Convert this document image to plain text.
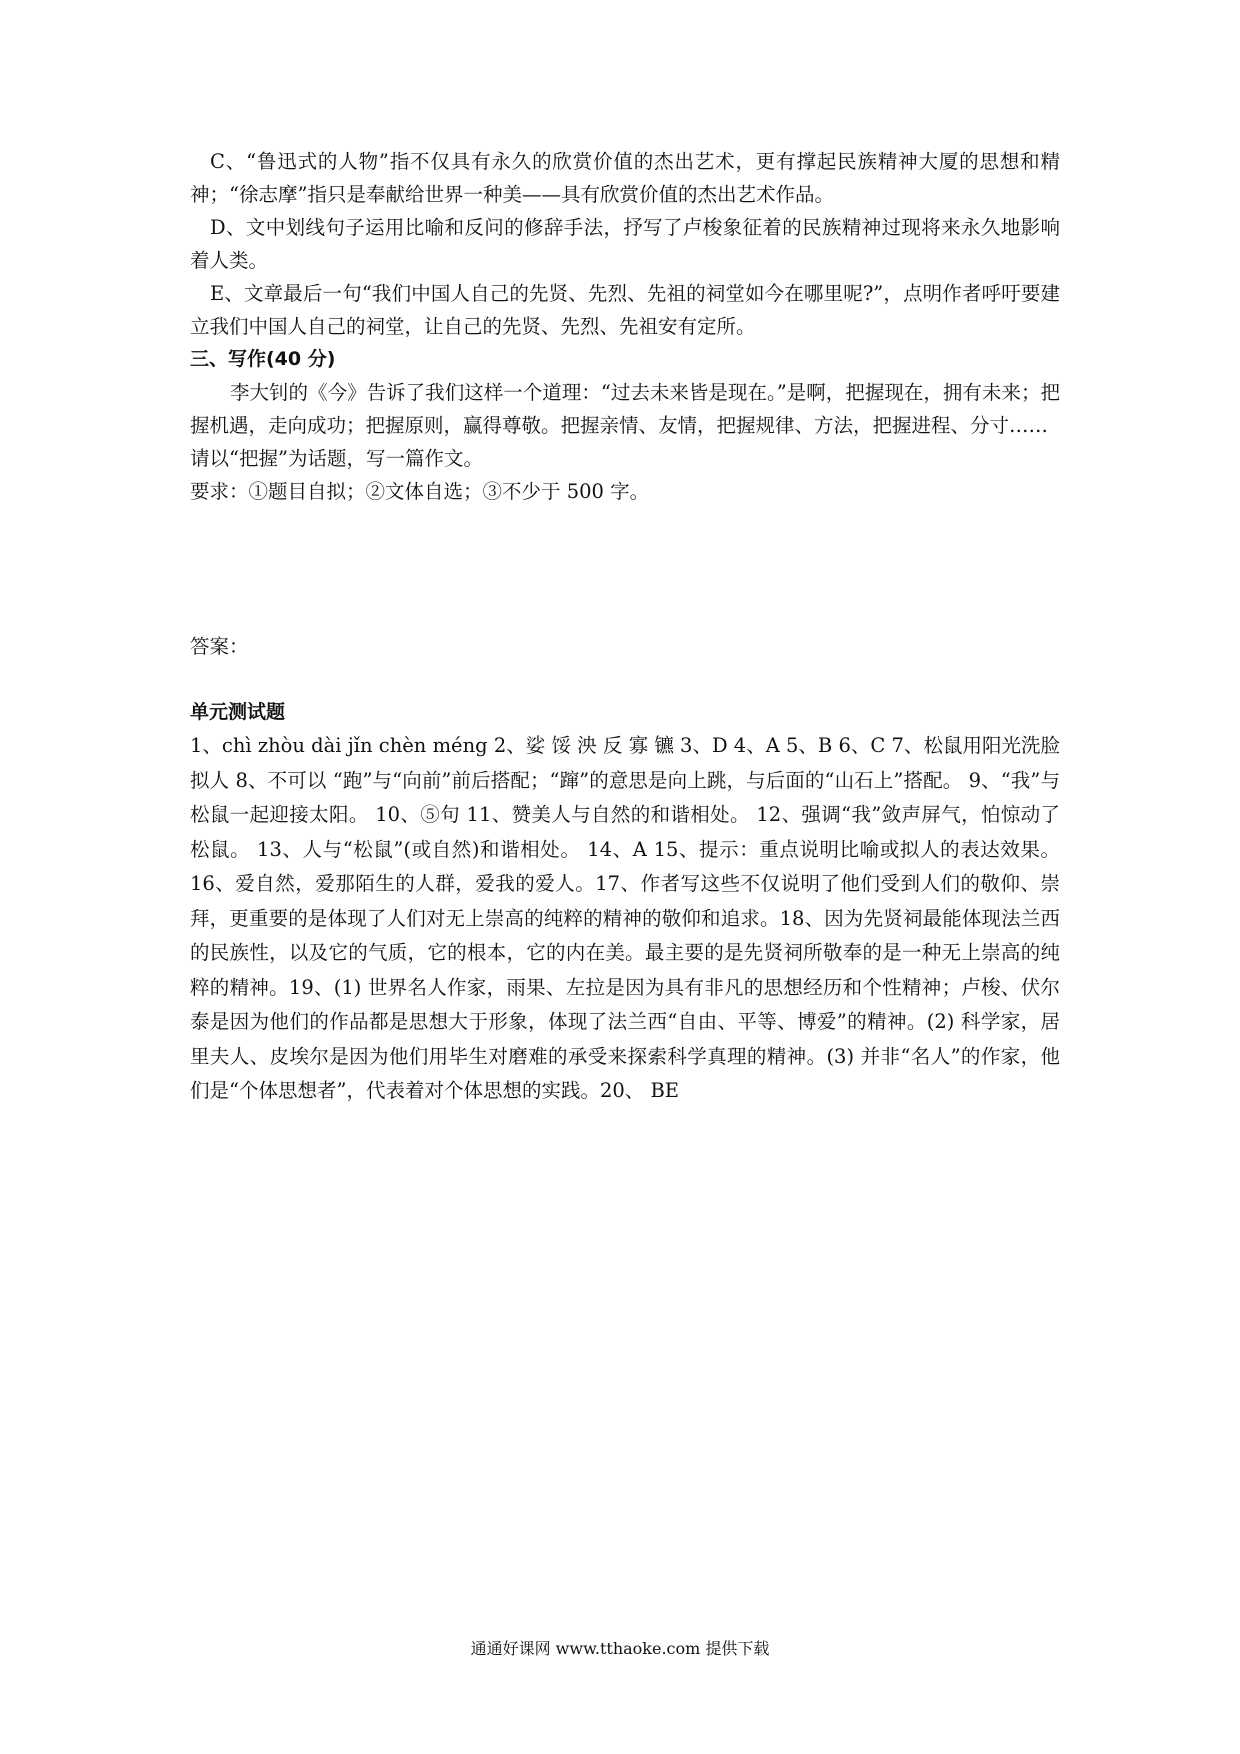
C、“鲁迅式的人物”指不仅具有永久的欣赏价值的杰出艺术，更有撑起民族精神大厦的思想和精神；“徐志摩”指只是奉献给世界一种美——具有欣赏价值的杰出艺术作品。

D、文中划线句子运用比喻和反问的修辞手法，抒写了卢梭象征着的民族精神过现将来永久地影响着人类。

E、文章最后一句“我们中国人自己的先贤、先烈、先祖的祠堂如今在哪里呢?”，点明作者呼吁要建立我们中国人自己的祠堂，让自己的先贤、先烈、先祖安有定所。

三、写作(40 分)

李大钊的《今》告诉了我们这样一个道理：“过去未来皆是现在。”是啊，把握现在，拥有未来；把握机遇，走向成功；把握原则，赢得尊敬。把握亲情、友情，把握规律、方法，把握进程、分寸……

请以“把握”为话题，写一篇作文。

要求：①题目自拟；②文体自选；③不少于 500 字。

答案：

单元测试题

1、chì zhòu dài jǐn chèn méng 2、娑 馁 泱 反 寡 镳 3、D 4、A 5、B 6、C 7、松鼠用阳光洗脸 拟人 8、不可以 “跑”与“向前”前后搭配；“蹿”的意思是向上跳，与后面的“山石上”搭配。 9、“我”与松鼠一起迎接太阳。 10、⑤句 11、赞美人与自然的和谐相处。 12、强调“我”敛声屏气，怕惊动了松鼠。 13、人与“松鼠”(或自然)和谐相处。 14、A 15、提示：重点说明比喻或拟人的表达效果。 16、爱自然，爱那陌生的人群，爱我的爱人。17、作者写这些不仅说明了他们受到人们的敬仰、崇拜，更重要的是体现了人们对无上崇高的纯粹的精神的敬仰和追求。18、因为先贤祠最能体现法兰西的民族性，以及它的气质，它的根本，它的内在美。最主要的是先贤祠所敬奉的是一种无上崇高的纯粹的精神。19、(1) 世界名人作家，雨果、左拉是因为具有非凡的思想经历和个性精神；卢梭、伏尔泰是因为他们的作品都是思想大于形象，体现了法兰西“自由、平等、博爱”的精神。(2) 科学家，居里夫人、皮埃尔是因为他们用毕生对磨难的承受来探索科学真理的精神。(3) 并非“名人”的作家，他们是“个体思想者”，代表着对个体思想的实践。20、 BE

通通好课网 www.tthaoke.com 提供下载
